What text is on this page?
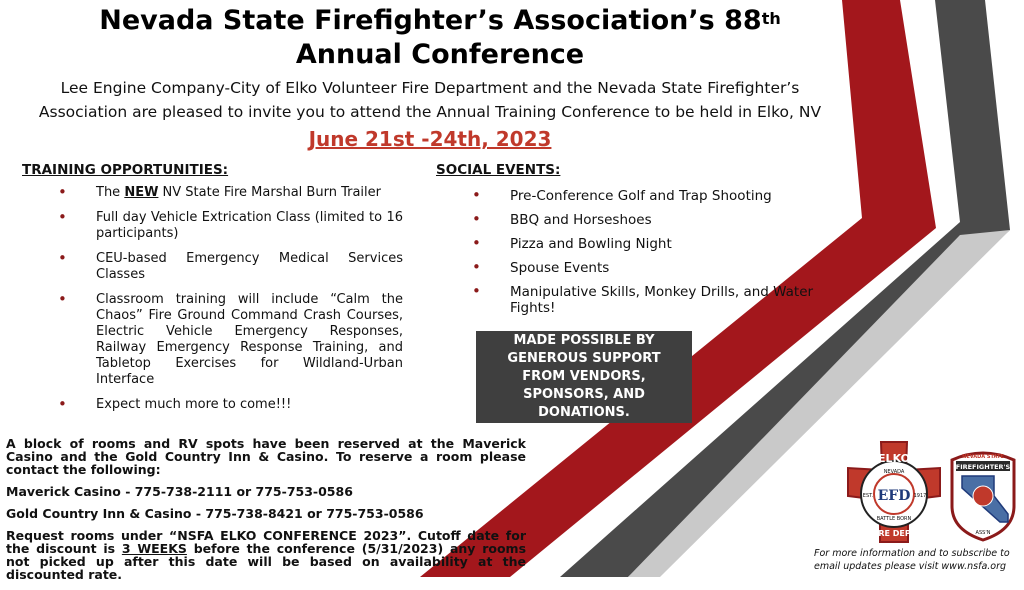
Nevada State Firefighter’s Association’s 88th
Annual Conference
Lee Engine Company-City of Elko Volunteer Fire Department and the Nevada State Firefighter’s
Association are pleased to invite you to attend the Annual Training Conference to be held in Elko, NV
June 21st -24th, 2023
TRAINING OPPORTUNITIES:
• The NEW NV State Fire Marshal Burn Trailer
• Full day Vehicle Extrication Class (limited to 16 participants)
• CEU-based Emergency Medical Services Classes
• Classroom training will include “Calm the Chaos” Fire Ground Command Crash Courses, Electric Vehicle Emergency Responses, Railway Emergency Response Training, and Tabletop Exercises for Wildland-Urban Interface
• Expect much more to come!!!
SOCIAL EVENTS:
• Pre-Conference Golf and Trap Shooting
• BBQ and Horseshoes
• Pizza and Bowling Night
• Spouse Events
• Manipulative Skills, Monkey Drills, and Water Fights!
MADE POSSIBLE BY GENEROUS SUPPORT FROM VENDORS, SPONSORS, AND DONATIONS.

A block of rooms and RV spots have been reserved at the Maverick Casino and the Gold Country Inn & Casino. To reserve a room please contact the following:

Maverick Casino - 775-738-2111 or 775-753-0586

Gold Country Inn & Casino - 775-738-8421 or 775-753-0586

Request rooms under “NSFA ELKO CONFERENCE 2023”. Cutoff date for the discount is 3 WEEKS before the conference (5/31/2023) any rooms not picked up after this date will be based on availability at the discounted rate.

ELKO
NEVADA
EST.	1917
EFD
BATTLE BORN
FIRE DEPT.
NEVADA STATE
FIREFIGHTER'S
ASS'N
For more information and to subscribe to
email updates please visit www.nsfa.org
